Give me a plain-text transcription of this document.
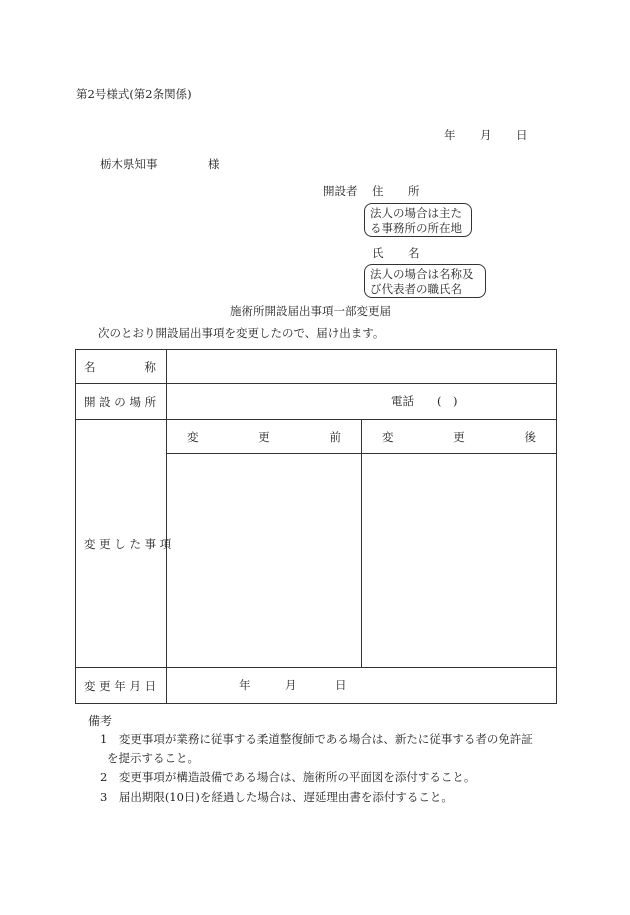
第2号様式(第2条関係)
年 月 日
栃木県知事	様
開設者 住 所
法人の場合は主た
る事務所の所在地
氏 名
法人の場合は名称及
び代表者の職氏名
施術所開設届出事項一部変更届
次のとおり開設届出事項を変更したので、届け出ます。
名 称		

開 設 の 場 所	電話 (　)	

変 更 し た 事 項	変 更 前	変 更 後

変 更 年 月 日	年 月 日	
備考
1　変更事項が業務に従事する柔道整復師である場合は、新たに従事する者の免許証
を提示すること。
2　変更事項が構造設備である場合は、施術所の平面図を添付すること。
3　届出期限(10日)を経過した場合は、遅延理由書を添付すること。
